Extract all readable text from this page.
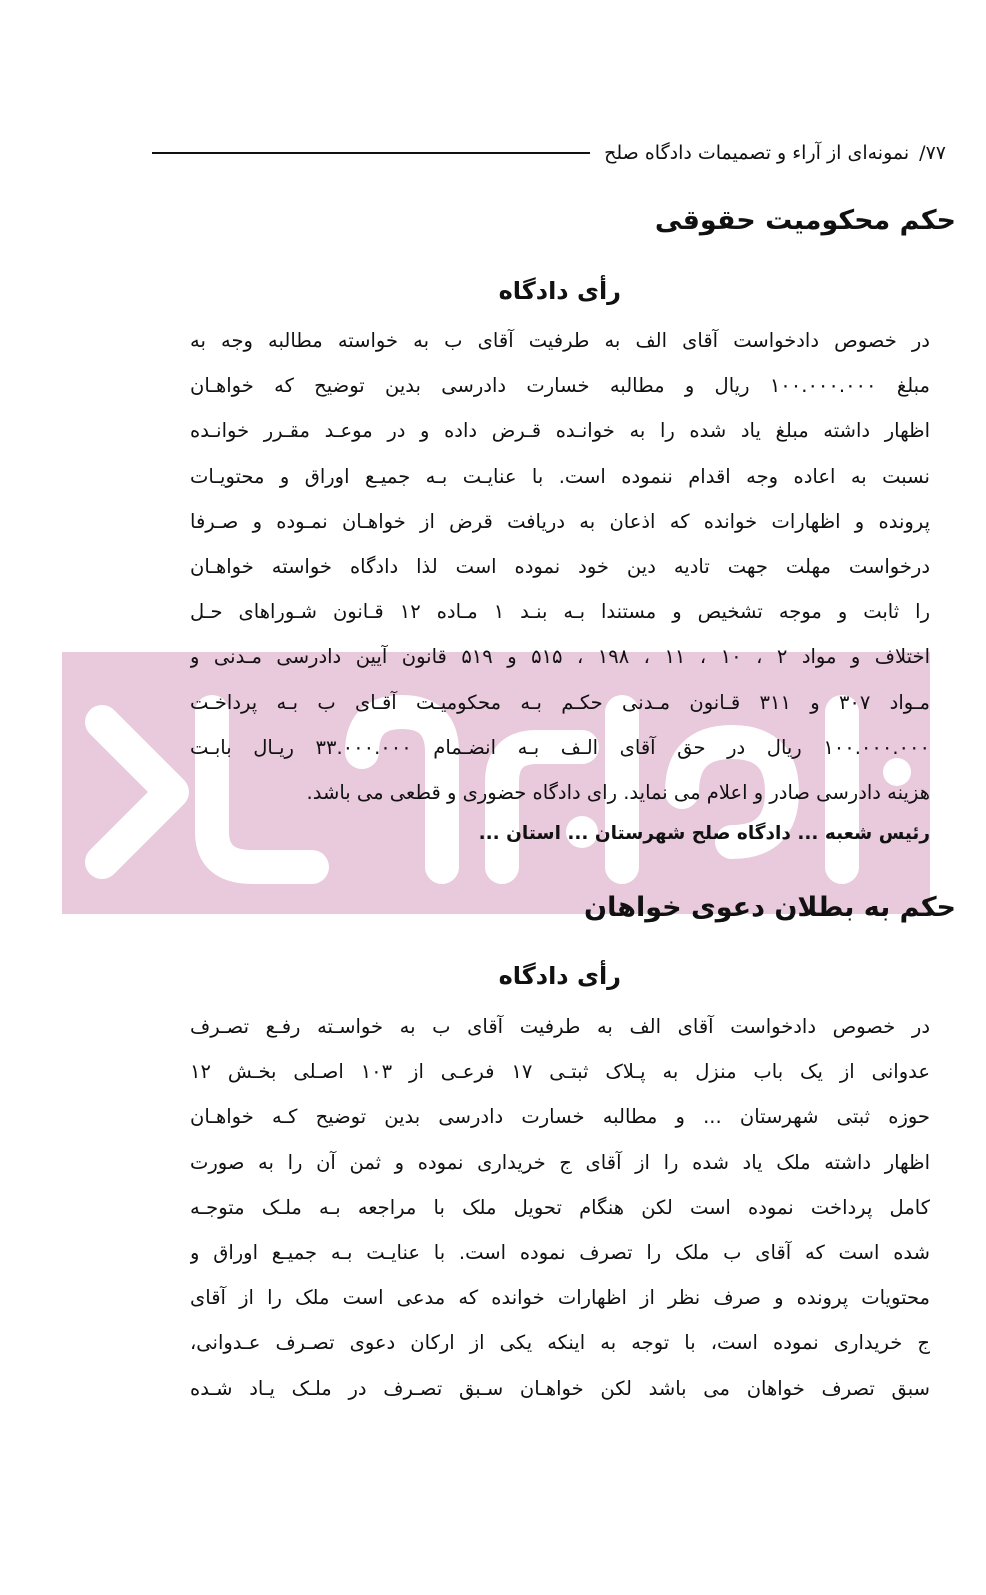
۷۷/
نمونه‌ای از آراء و تصمیمات دادگاه صلح
حکم محکومیت حقوقی
رأی دادگاه
در خصوص دادخواست آقای الف به طرفیت آقای ب به خواسته مطالبه وجه به
مبلغ ۱۰۰.۰۰۰.۰۰۰ ریال و مطالبه خسارت دادرسی بدین توضیح که خواهـان
اظهار داشته مبلغ یاد شده را به خوانـده قـرض داده و در موعـد مقـرر خوانـده
نسبت به اعاده وجه اقدام ننموده است. با عنایـت بـه جمیـع اوراق و محتویـات
پرونده و اظهارات خوانده که اذعان به دریافت قرض از خواهـان نمـوده و صـرفا
درخواست مهلت جهت تادیه دین خود نموده است لذا دادگاه خواسته خواهـان
را ثابت و موجه تشخیص و مستندا بـه بنـد ۱ مـاده ۱۲ قـانون شـوراهای حـل
اختلاف و مواد ۲ ، ۱۰ ، ۱۱ ، ۱۹۸ ، ۵۱۵ و ۵۱۹ قانون آیین دادرسی مـدنی و
مـواد ۳۰۷ و ۳۱۱ قـانون مـدنی حکـم بـه محکومیـت آقـای ب بـه پرداخـت
۱۰۰.۰۰۰.۰۰۰ ریال در حق آقای الـف بـه انضـمام ۳۳.۰۰۰.۰۰۰ ریـال بابـت
هزینه دادرسی صادر و اعلام می نماید. رای دادگاه حضوری و قطعی می باشد.
رئیس شعبه ... دادگاه صلح شهرستان ... استان ...
حکم به بطلان دعوی خواهان
رأی دادگاه
در خصوص دادخواست آقای الف به طرفیت آقای ب به خواسـته رفـع تصـرف
عدوانی از یک باب منزل به پـلاک ثبتـی ۱۷ فرعـی از ۱۰۳ اصـلی بخـش ۱۲
حوزه ثبتی شهرستان ... و مطالبه خسارت دادرسی بدین توضیح کـه خواهـان
اظهار داشته ملک یاد شده را از آقای ج خریداری نموده و ثمن آن را به صورت
کامل پرداخت نموده است لکن هنگام تحویل ملک با مراجعه بـه ملـک متوجـه
شده است که آقای ب ملک را تصرف نموده است. با عنایـت بـه جمیـع اوراق و
محتویات پرونده و صرف نظر از اظهارات خوانده که مدعی است ملک را از آقای
ج خریداری نموده است، با توجه به اینکه یکی از ارکان دعوی تصـرف عـدوانی،
سبق تصرف خواهان می باشد لکن خواهـان سـبق تصـرف در ملـک یـاد شـده
